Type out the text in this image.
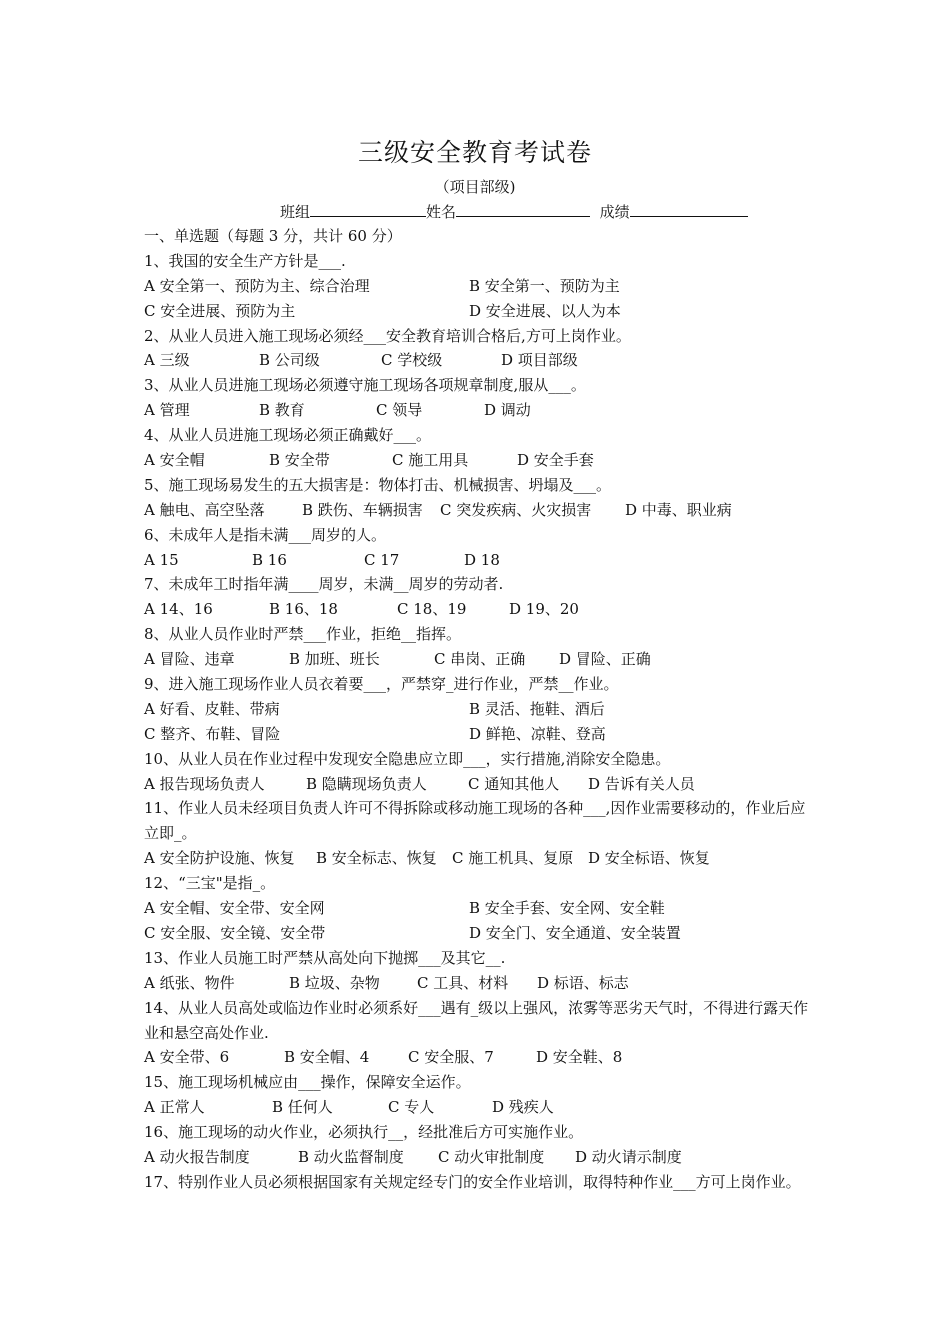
三级安全教育考试卷
（项目部级)
班组	姓名	成绩
一、单选题（每题 3 分，共计 60 分）
1、我国的安全生产方针是___.
A 安全第一、预防为主、综合治理	B 安全第一、预防为主
C 安全进展、预防为主	D 安全进展、以人为本
2、从业人员进入施工现场必须经___安全教育培训合格后,方可上岗作业。
A 三级	B 公司级	C 学校级	D 项目部级
3、从业人员进施工现场必须遵守施工现场各项规章制度,服从___。
A 管理	B 教育	C 领导	D 调动
4、从业人员进施工现场必须正确戴好___。
A 安全帽	B 安全带	C 施工用具	D 安全手套
5、施工现场易发生的五大损害是：物体打击、机械损害、坍塌及___。
A 触电、高空坠落 B 跌伤、车辆损害 C 突发疾病、火灾损害 D 中毒、职业病
6、未成年人是指未满___周岁的人。
A 15	B 16	C 17	D 18
7、未成年工时指年满____周岁，未满__周岁的劳动者.
A 14、16	B 16、18	C 18、19	D 19、20
8、从业人员作业时严禁___作业，拒绝__指挥。
A 冒险、违章	B 加班、班长	C 串岗、正确 D 冒险、正确
9、进入施工现场作业人员衣着要___，严禁穿_进行作业，严禁__作业。
A 好看、皮鞋、带病	B 灵活、拖鞋、酒后
C 整齐、布鞋、冒险	D 鲜艳、凉鞋、登高
10、从业人员在作业过程中发现安全隐患应立即___，实行措施,消除安全隐患。
A 报告现场负责人	B 隐瞒现场负责人	C 通知其他人 D 告诉有关人员
11、作业人员未经项目负责人许可不得拆除或移动施工现场的各种___,因作业需要移动的，作业后应立即_。
A 安全防护设施、恢复 B 安全标志、恢复 C 施工机具、复原 D 安全标语、恢复
12、“三宝"是指_。
A 安全帽、安全带、安全网	B 安全手套、安全网、安全鞋
C 安全服、安全镜、安全带	D 安全门、安全通道、安全装置
13、作业人员施工时严禁从高处向下抛掷___及其它__.
A 纸张、物件	B 垃圾、杂物 C 工具、材料 D 标语、标志
14、从业人员高处或临边作业时必须系好___遇有_级以上强风，浓雾等恶劣天气时，不得进行露天作业和悬空高处作业.
A 安全带、6	B 安全帽、4	C 安全服、7	D 安全鞋、8
15、施工现场机械应由___操作，保障安全运作。
A 正常人	B 任何人	C 专人	D 残疾人
16、施工现场的动火作业，必须执行__，经批准后方可实施作业。
A 动火报告制度	B 动火监督制度 C 动火审批制度 D 动火请示制度
17、特别作业人员必须根据国家有关规定经专门的安全作业培训，取得特种作业___方可上岗作业。
